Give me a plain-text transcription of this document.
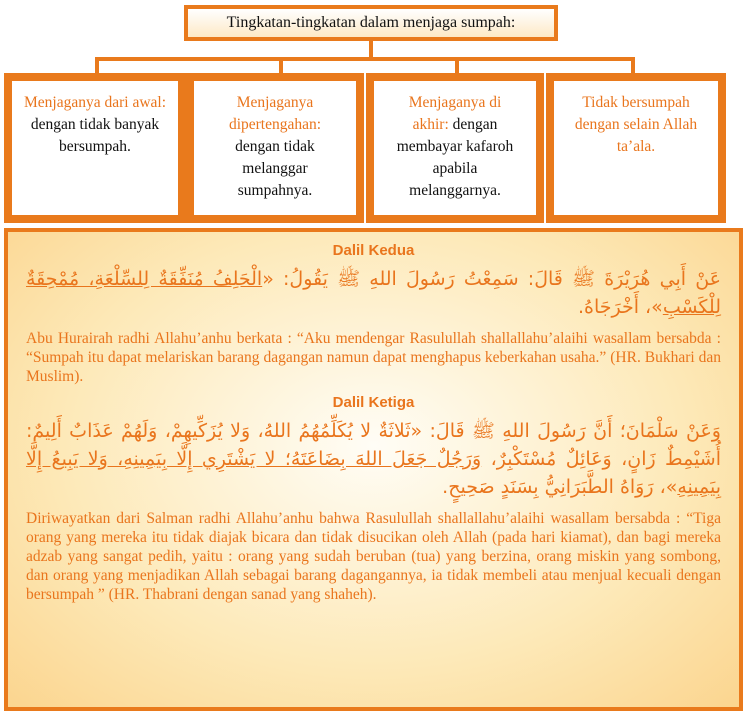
Tingkatan-tingkatan dalam menjaga sumpah:
Menjaganya dari awal: dengan tidak banyak bersumpah.
Menjaganya dipertengahan: dengan tidak melanggar sumpahnya.
Menjaganya di akhir: dengan membayar kafaroh apabila melanggarnya.
Tidak bersumpah dengan selain Allah ta’ala.
Dalil Kedua

عَنْ أَبِي هُرَيْرَةَ ﷺ قَالَ: سَمِعْتُ رَسُولَ اللهِ ﷺ يَقُولُ: «الْحَلِفُ مُنَفِّقَةٌ لِلسِّلْعَةِ، مُمْحِقَةٌ لِلْكَسْبِ»، أَخْرَجَاهُ.

Abu Hurairah radhi Allahu’anhu berkata : “Aku mendengar Rasulullah shallallahu’alaihi wasallam bersabda : “Sumpah itu dapat melariskan barang dagangan namun dapat menghapus keberkahan usaha.” (HR. Bukhari dan Muslim).

Dalil Ketiga

وَعَنْ سَلْمَانَ؛ أَنَّ رَسُولَ اللهِ ﷺ قَالَ: «ثَلاثَةٌ لا يُكَلِّمُهُمُ اللهُ، وَلا يُزَكِّيهِمْ، وَلَهُمْ عَذَابٌ أَلِيمٌ: أُشَيْمِطٌ زَانٍ، وَعَائِلٌ مُسْتَكْبِرٌ، وَرَجُلٌ جَعَلَ اللهَ بِضَاعَتَهُ؛ لا يَشْتَرِي إِلَّا بِيَمِينِهِ، وَلا يَبِيعُ إِلَّا بِيَمِينِهِ»، رَوَاهُ الطَّبَرَانِيُّ بِسَنَدٍ صَحِيحٍ.

Diriwayatkan dari Salman radhi Allahu’anhu bahwa Rasulullah shallallahu’alaihi wasallam bersabda : “Tiga orang yang mereka itu tidak diajak bicara dan tidak disucikan oleh Allah (pada hari kiamat), dan bagi mereka adzab yang sangat pedih, yaitu : orang yang sudah beruban (tua) yang berzina, orang miskin yang sombong, dan orang yang menjadikan Allah sebagai barang dagangannya, ia tidak membeli atau menjual kecuali dengan bersumpah ” (HR. Thabrani dengan sanad yang shaheh).
